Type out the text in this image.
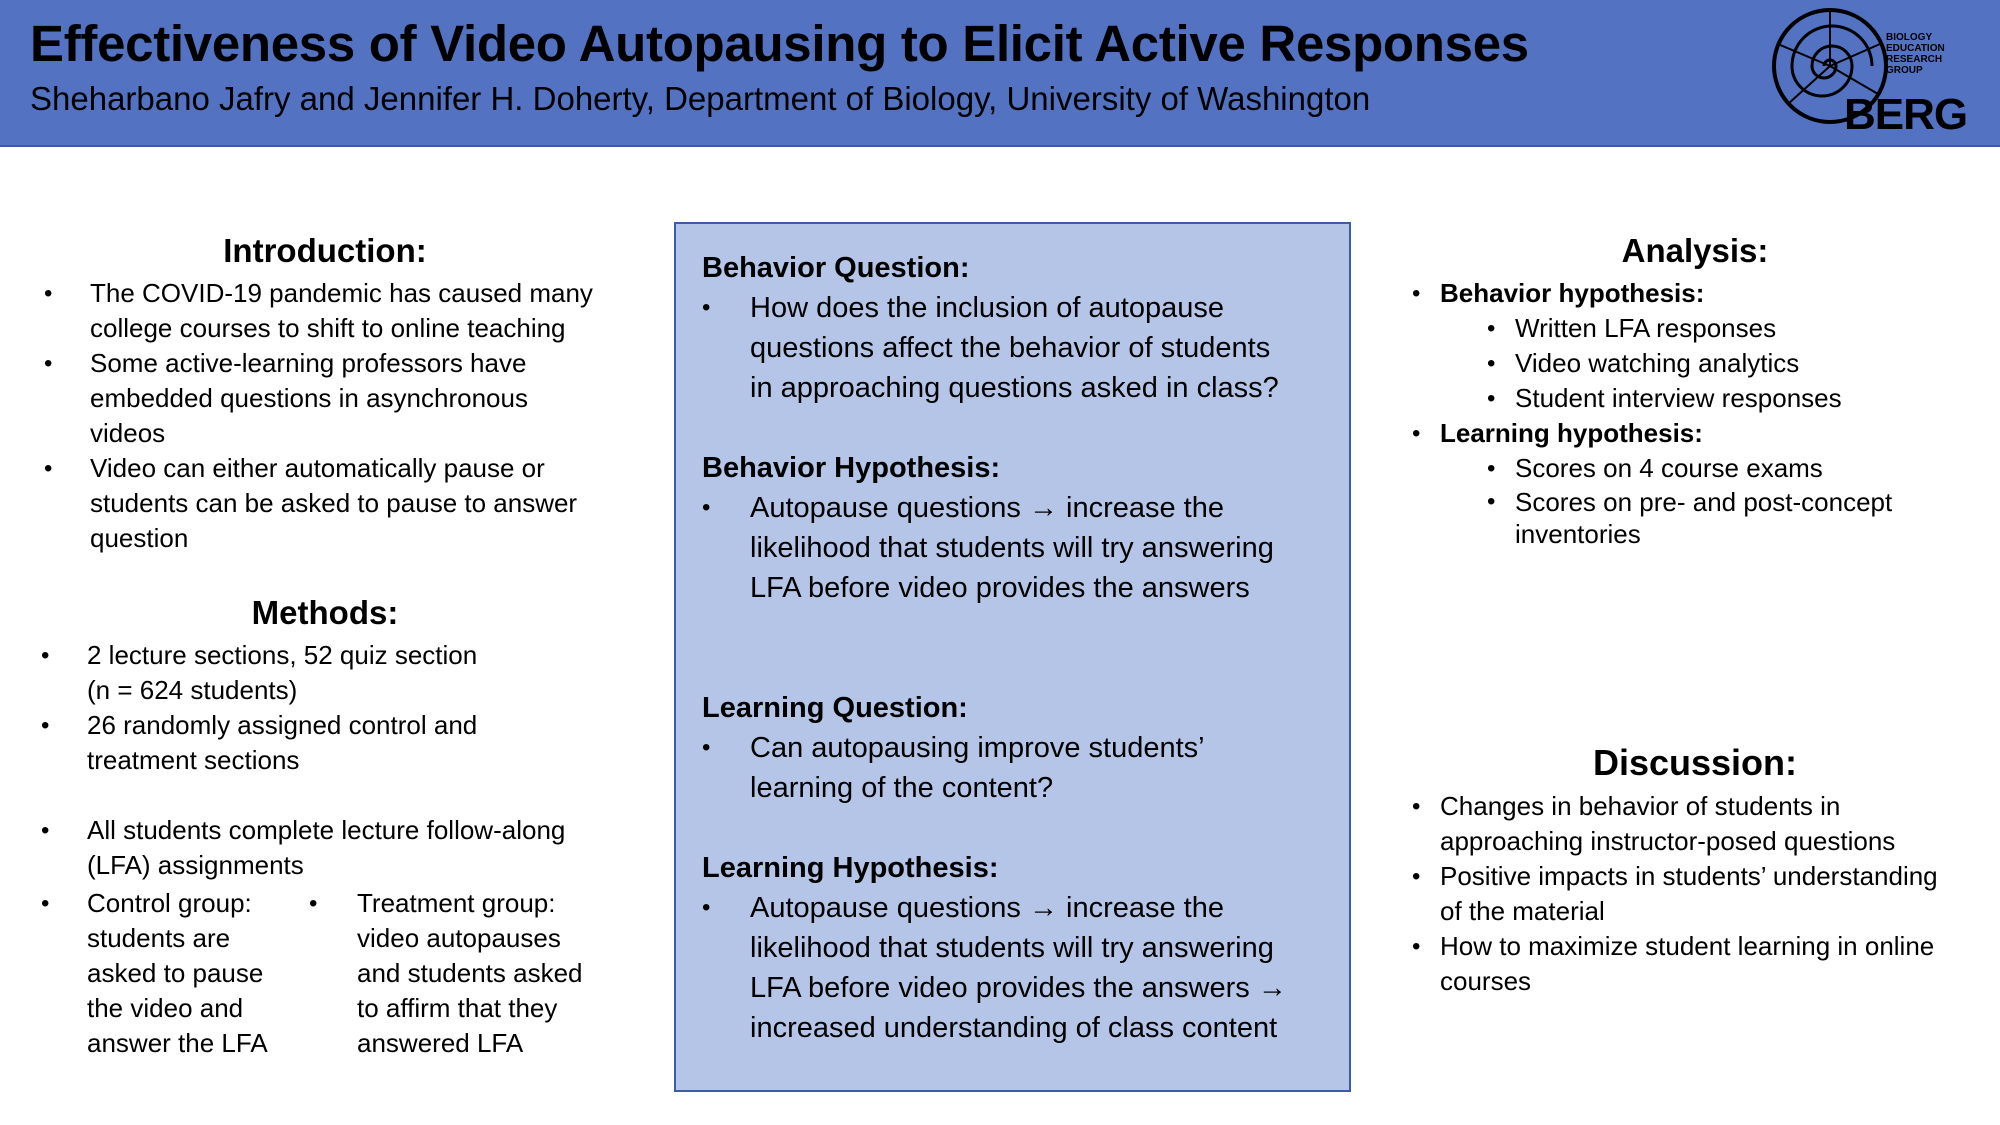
Effectiveness of Video Autopausing to Elicit Active Responses
Sheharbano Jafry and Jennifer H. Doherty, Department of Biology, University of Washington
BIOLOGY
EDUCATION
RESEARCH
GROUP
BERG
Introduction:
• The COVID-19 pandemic has caused many
college courses to shift to online teaching
• Some active-learning professors have
embedded questions in asynchronous
videos
• Video can either automatically pause or
students can be asked to pause to answer
question
Methods:
• 2 lecture sections, 52 quiz section
(n = 624 students)
• 26 randomly assigned control and
treatment sections
• All students complete lecture follow-along
(LFA) assignments
• Control group:
students are
asked to pause
the video and
answer the LFA
• Treatment group:
video autopauses
and students asked
to affirm that they
answered LFA
Behavior Question:
• How does the inclusion of autopause
questions affect the behavior of students
in approaching questions asked in class?
Behavior Hypothesis:
• Autopause questions → increase the
likelihood that students will try answering
LFA before video provides the answers
Learning Question:
• Can autopausing improve students’
learning of the content?
Learning Hypothesis:
• Autopause questions → increase the
likelihood that students will try answering
LFA before video provides the answers →
increased understanding of class content
Analysis:
• Behavior hypothesis:
• Written LFA responses
• Video watching analytics
• Student interview responses
• Learning hypothesis:
• Scores on 4 course exams
• Scores on pre- and post-concept
inventories
Discussion:
• Changes in behavior of students in
approaching instructor-posed questions
• Positive impacts in students’ understanding
of the material
• How to maximize student learning in online
courses
